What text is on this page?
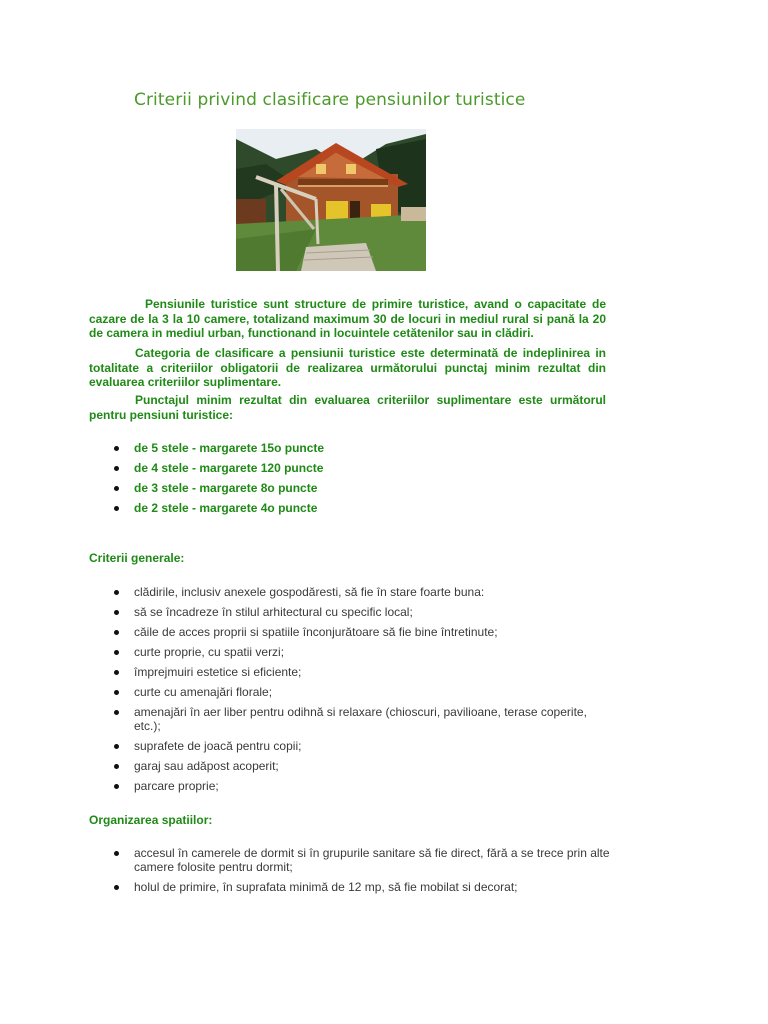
Criterii privind clasificare pensiunilor turistice
Pensiunile turistice sunt structure de primire turistice, avand o capacitate de cazare de la 3 la 10 camere, totalizand maximum 30 de locuri in mediul rural si pană la 20 de camera in mediul urban, functionand in locuintele cetătenilor sau in clădiri.
Categoria de clasificare a pensiunii turistice este determinată de indeplinirea in totalitate a criteriilor obligatorii de realizarea următorului punctaj minim rezultat din evaluarea criteriilor suplimentare.
Punctajul minim rezultat din evaluarea criteriilor suplimentare este următorul pentru pensiuni turistice:
de 5 stele - margarete 15o puncte
de 4 stele - margarete 120 puncte
de 3 stele - margarete 8o puncte
de 2 stele - margarete 4o puncte
Criterii generale:
clădirile, inclusiv anexele gospodăresti, să fie în stare foarte buna:
să se încadreze în stilul arhitectural cu specific local;
căile de acces proprii si spatiile înconjurătoare să fie bine întretinute;
curte proprie, cu spatii verzi;
împrejmuiri estetice si eficiente;
curte cu amenajări florale;
amenajări în aer liber pentru odihnă si relaxare (chioscuri, pavilioane, terase coperite, etc.);
suprafete de joacă pentru copii;
garaj sau adăpost acoperit;
parcare proprie;
Organizarea spatiilor:
accesul în camerele de dormit si în grupurile sanitare să fie direct, fără a se trece prin alte camere folosite pentru dormit;
holul de primire, în suprafata minimă de 12 mp, să fie mobilat si decorat;
